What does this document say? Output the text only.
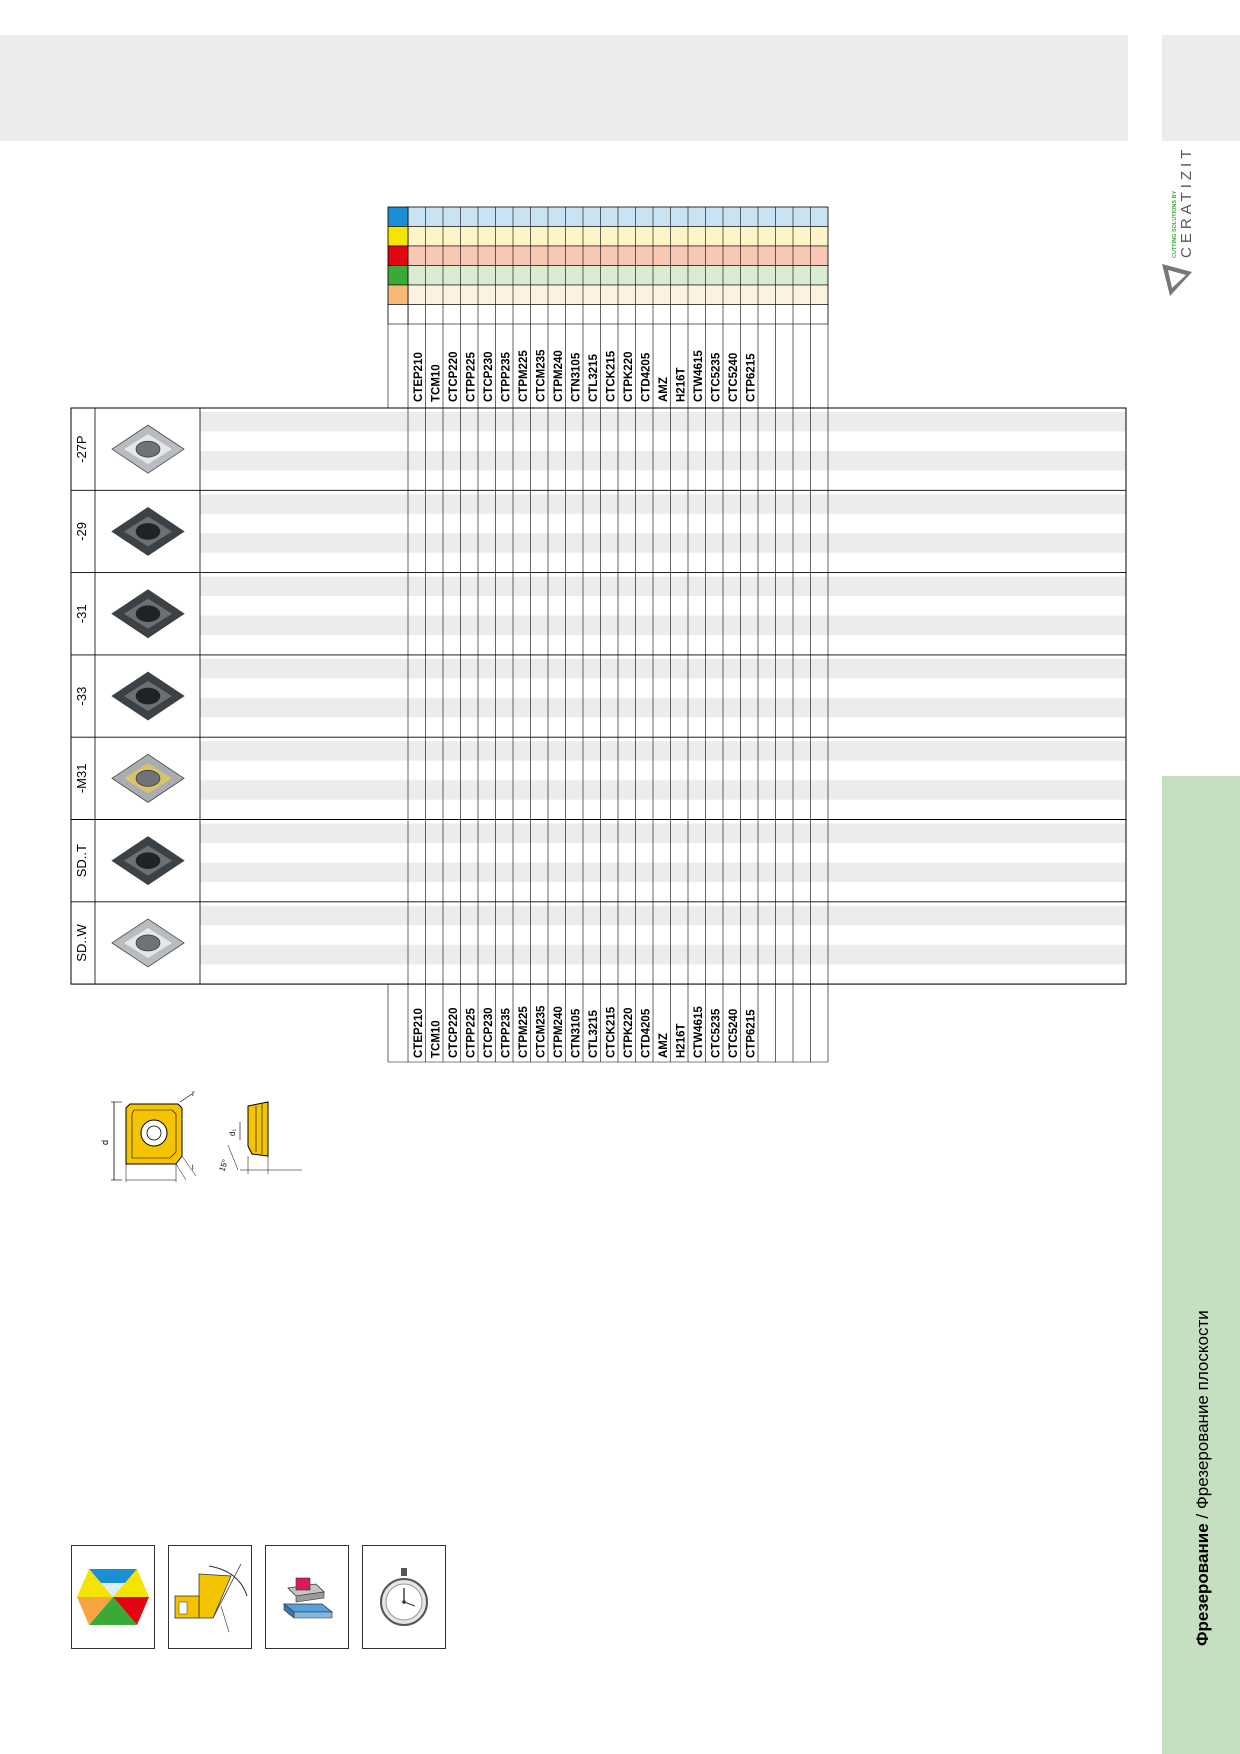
CUTTING SOLUTIONS BY CERATIZIT
Фрезерование / Фрезерование плоскости
CTEP210
CTEP210
TCM10
TCM10
CTCP220
CTCP220
CTPP225
CTPP225
CTCP230
CTCP230
CTPP235
CTPP235
CTPM225
CTPM225
CTCM235
CTCM235
CTPM240
CTPM240
CTN3105
CTN3105
CTL3215
CTL3215
CTCK215
CTCK215
CTPK220
CTPK220
CTD4205
CTD4205
AMZ
AMZ
H216T
H216T
CTW4615
CTW4615
CTC5235
CTC5235
CTC5240
CTC5240
CTP6215
CTP6215
-27P
-29
-31
-33
-M31
SD..T
SD..W
d
r
l	15°
d₁
